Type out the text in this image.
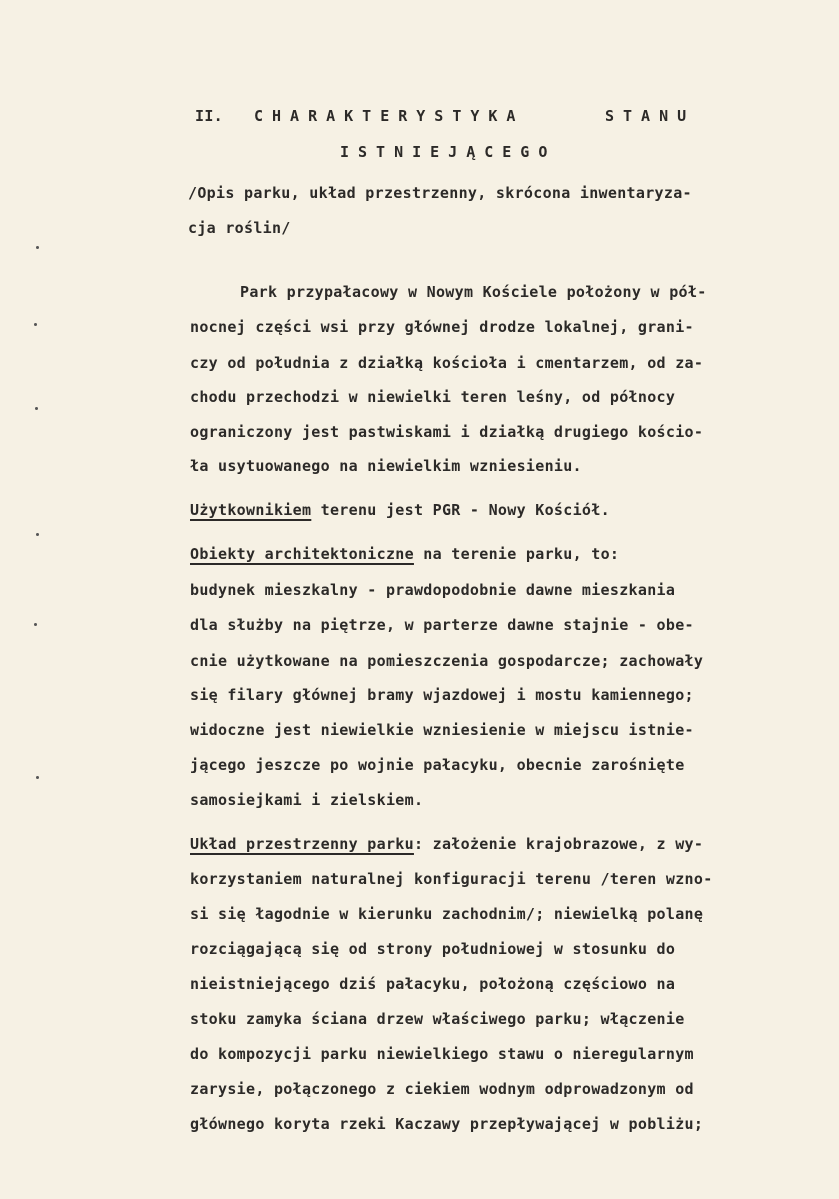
II. CHARAKTERYSTYKA	STANU
ISTNIEJĄCEGO
/Opis parku, układ przestrzenny, skrócona inwentaryza-
cja roślin/
Park przypałacowy w Nowym Kościele położony w pół-
nocnej części wsi przy głównej drodze lokalnej, grani-
czy od południa z działką kościoła i cmentarzem, od za-
chodu przechodzi w niewielki teren leśny, od północy
ograniczony jest pastwiskami i działką drugiego kościo-
ła usytuowanego na niewielkim wzniesieniu.
Użytkownikiem terenu jest PGR - Nowy Kościół.
Obiekty architektoniczne na terenie parku, to:
budynek mieszkalny - prawdopodobnie dawne mieszkania
dla służby na piętrze, w parterze dawne stajnie - obe-
cnie użytkowane na pomieszczenia gospodarcze; zachowały
się filary głównej bramy wjazdowej i mostu kamiennego;
widoczne jest niewielkie wzniesienie w miejscu istnie-
jącego jeszcze po wojnie pałacyku, obecnie zarośnięte
samosiejkami i zielskiem.
Układ przestrzenny parku: założenie krajobrazowe, z wy-
korzystaniem naturalnej konfiguracji terenu /teren wzno-
si się łagodnie w kierunku zachodnim/; niewielką polanę
rozciągającą się od strony południowej w stosunku do
nieistniejącego dziś pałacyku, położoną częściowo na
stoku zamyka ściana drzew właściwego parku; włączenie
do kompozycji parku niewielkiego stawu o nieregularnym
zarysie, połączonego z ciekiem wodnym odprowadzonym od
głównego koryta rzeki Kaczawy przepływającej w pobliżu;
